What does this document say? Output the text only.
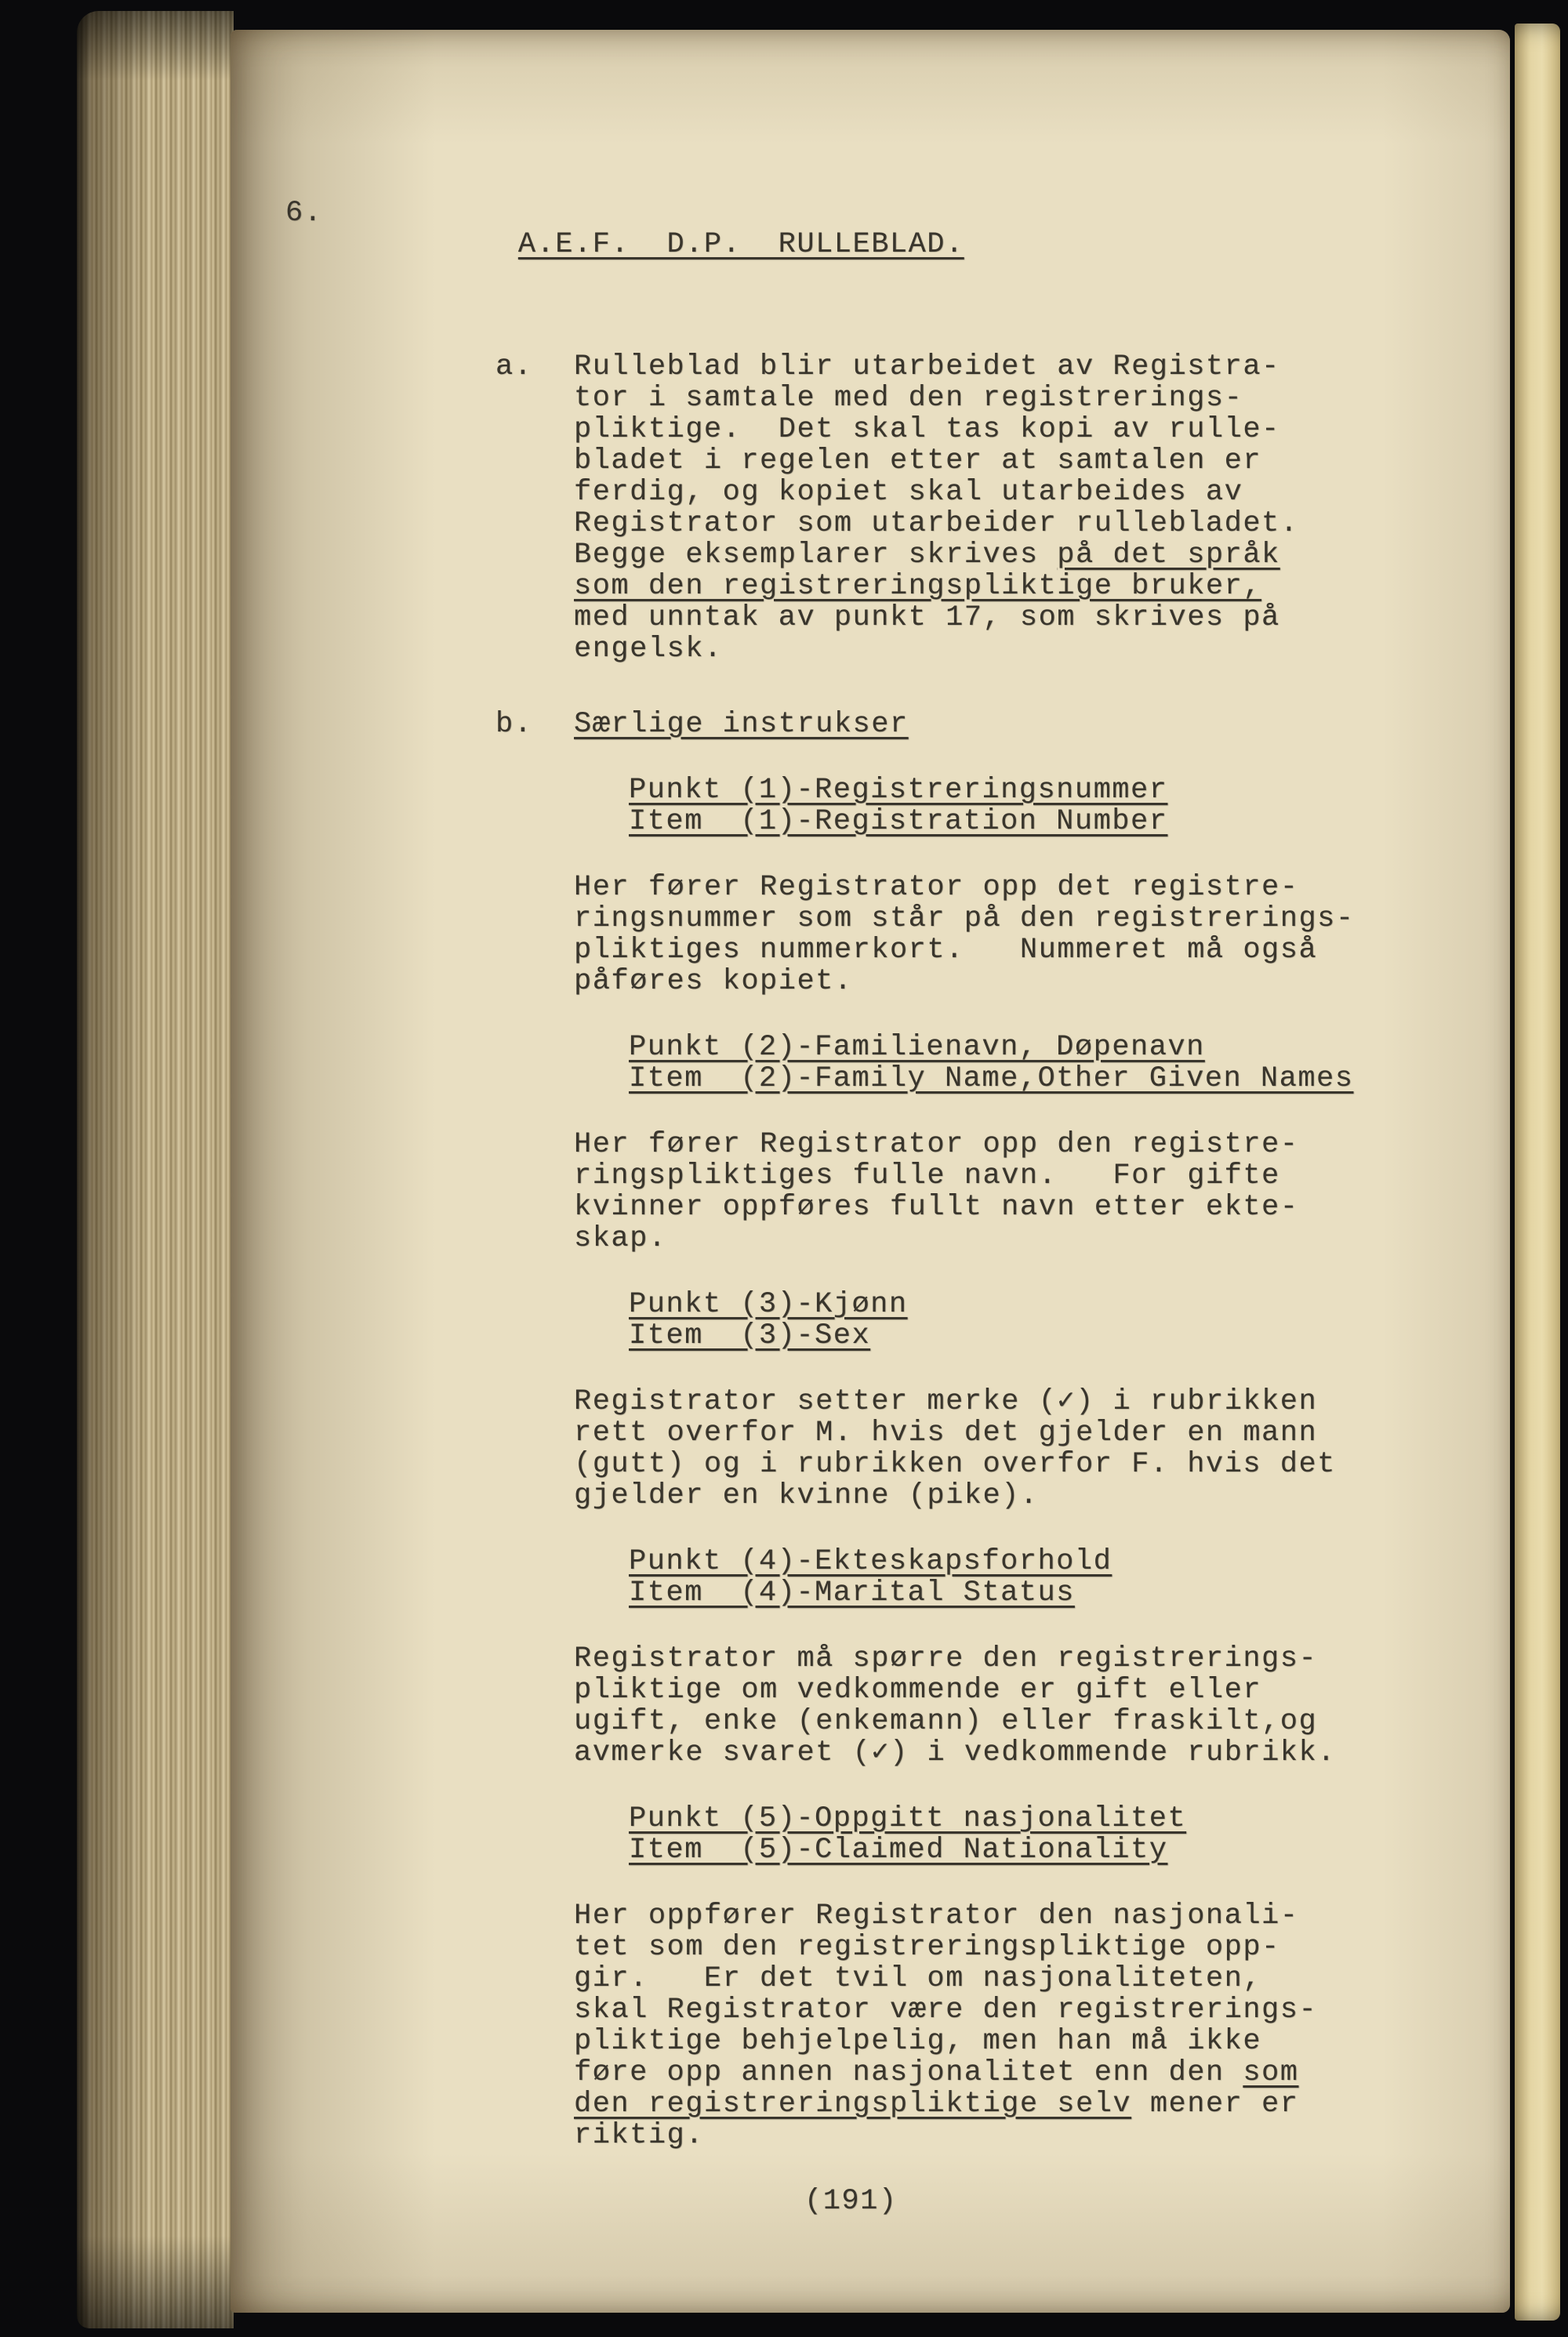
6.
A.E.F.  D.P.  RULLEBLAD.

a. Rulleblad blir utarbeidet av Registra-
tor i samtale med den registrerings-
pliktige.  Det skal tas kopi av rulle-
bladet i regelen etter at samtalen er
ferdig, og kopiet skal utarbeides av
Registrator som utarbeider rullebladet.
Begge eksemplarer skrives på det språk
som den registreringspliktige bruker,
med unntak av punkt 17, som skrives på
engelsk.
b. Særlige instrukser
Punkt (1)-Registreringsnummer
Item  (1)-Registration Number
Her fører Registrator opp det registre-
ringsnummer som står på den registrerings-
pliktiges nummerkort.   Nummeret må også
påføres kopiet.
Punkt (2)-Familienavn, Døpenavn
Item  (2)-Family Name,Other Given Names
Her fører Registrator opp den registre-
ringspliktiges fulle navn.   For gifte
kvinner oppføres fullt navn etter ekte-
skap.
Punkt (3)-Kjønn
Item  (3)-Sex
Registrator setter merke (✓) i rubrikken
rett overfor M. hvis det gjelder en mann
(gutt) og i rubrikken overfor F. hvis det
gjelder en kvinne (pike).
Punkt (4)-Ekteskapsforhold
Item  (4)-Marital Status
Registrator må spørre den registrerings-
pliktige om vedkommende er gift eller
ugift, enke (enkemann) eller fraskilt,og
avmerke svaret (✓) i vedkommende rubrikk.
Punkt (5)-Oppgitt nasjonalitet
Item  (5)-Claimed Nationality
Her oppfører Registrator den nasjonali-
tet som den registreringspliktige opp-
gir.   Er det tvil om nasjonaliteten,
skal Registrator være den registrerings-
pliktige behjelpelig, men han må ikke
føre opp annen nasjonalitet enn den som
den registreringspliktige selv mener er
riktig.
(191)
